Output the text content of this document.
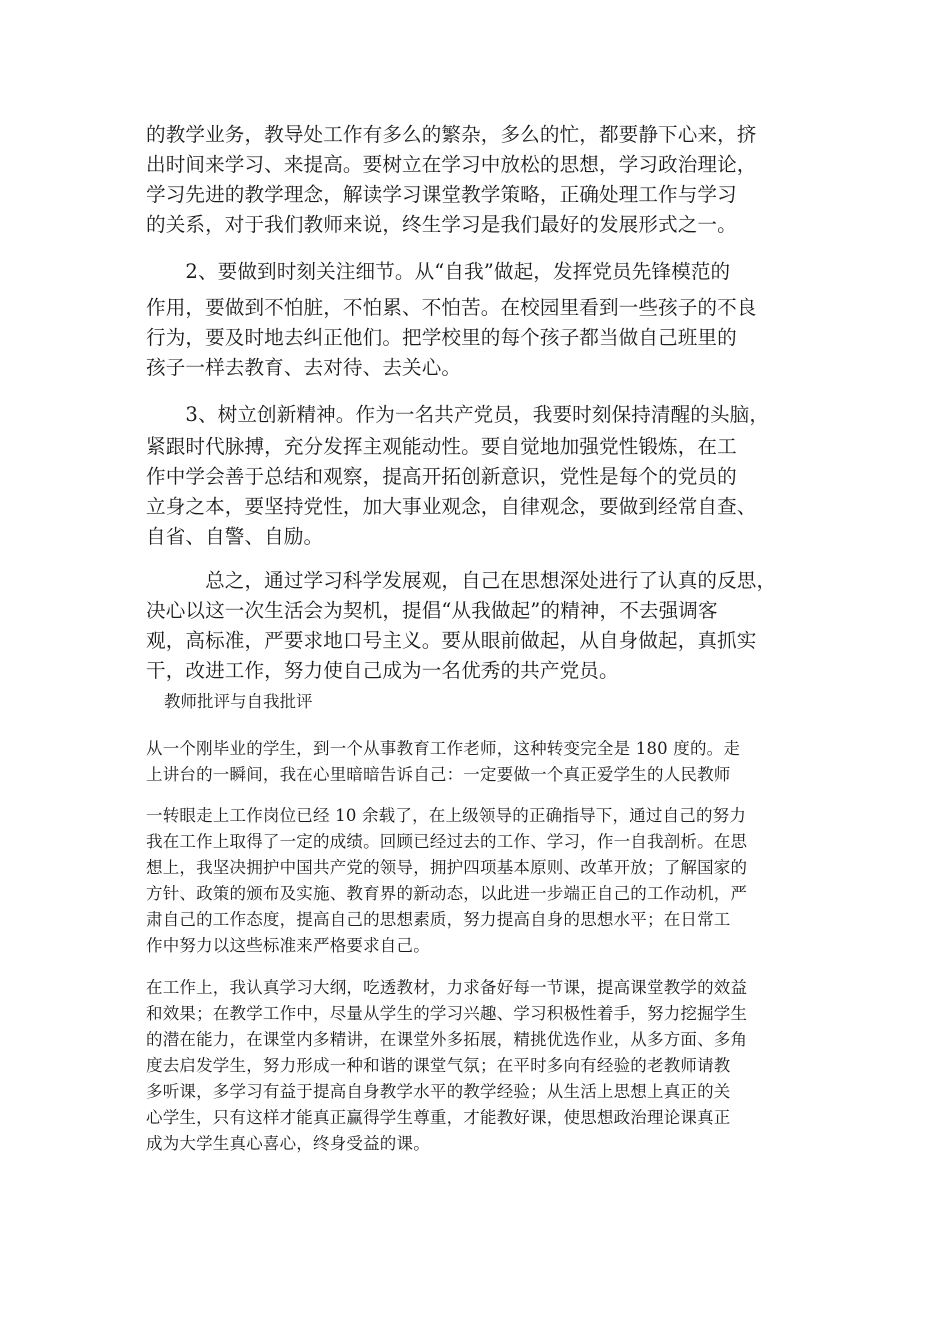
的教学业务，教导处工作有多么的繁杂，多么的忙，都要静下心来，挤
出时间来学习、来提高。要树立在学习中放松的思想，学习政治理论，
学习先进的教学理念，解读学习课堂教学策略，正确处理工作与学习
的关系，对于我们教师来说，终生学习是我们最好的发展形式之一。
　　2、要做到时刻关注细节。从“自我”做起，发挥党员先锋模范的
作用，要做到不怕脏，不怕累、不怕苦。在校园里看到一些孩子的不良
行为，要及时地去纠正他们。把学校里的每个孩子都当做自己班里的
孩子一样去教育、去对待、去关心。
　　3、树立创新精神。作为一名共产党员，我要时刻保持清醒的头脑，
紧跟时代脉搏，充分发挥主观能动性。要自觉地加强党性锻炼，在工
作中学会善于总结和观察，提高开拓创新意识，党性是每个的党员的
立身之本，要坚持党性，加大事业观念，自律观念，要做到经常自查、
自省、自警、自励。
　　　总之，通过学习科学发展观，自己在思想深处进行了认真的反思，
决心以这一次生活会为契机，提倡“从我做起”的精神，不去强调客
观，高标准，严要求地口号主义。要从眼前做起，从自身做起，真抓实
干，改进工作，努力使自己成为一名优秀的共产党员。
教师批评与自我批评
从一个刚毕业的学生，到一个从事教育工作老师，这种转变完全是 180 度的。走
上讲台的一瞬间，我在心里暗暗告诉自己：一定要做一个真正爱学生的人民教师
一转眼走上工作岗位已经 10 余载了，在上级领导的正确指导下，通过自己的努力
我在工作上取得了一定的成绩。回顾已经过去的工作、学习，作一自我剖析。在思
想上，我坚决拥护中国共产党的领导，拥护四项基本原则、改革开放；了解国家的
方针、政策的颁布及实施、教育界的新动态，以此进一步端正自己的工作动机，严
肃自己的工作态度，提高自己的思想素质，努力提高自身的思想水平；在日常工
作中努力以这些标准来严格要求自己。
在工作上，我认真学习大纲，吃透教材，力求备好每一节课，提高课堂教学的效益
和效果；在教学工作中，尽量从学生的学习兴趣、学习积极性着手，努力挖掘学生
的潜在能力，在课堂内多精讲，在课堂外多拓展，精挑优选作业，从多方面、多角
度去启发学生，努力形成一种和谐的课堂气氛；在平时多向有经验的老教师请教
多听课，多学习有益于提高自身教学水平的教学经验；从生活上思想上真正的关
心学生，只有这样才能真正赢得学生尊重，才能教好课，使思想政治理论课真正
成为大学生真心喜心，终身受益的课。
